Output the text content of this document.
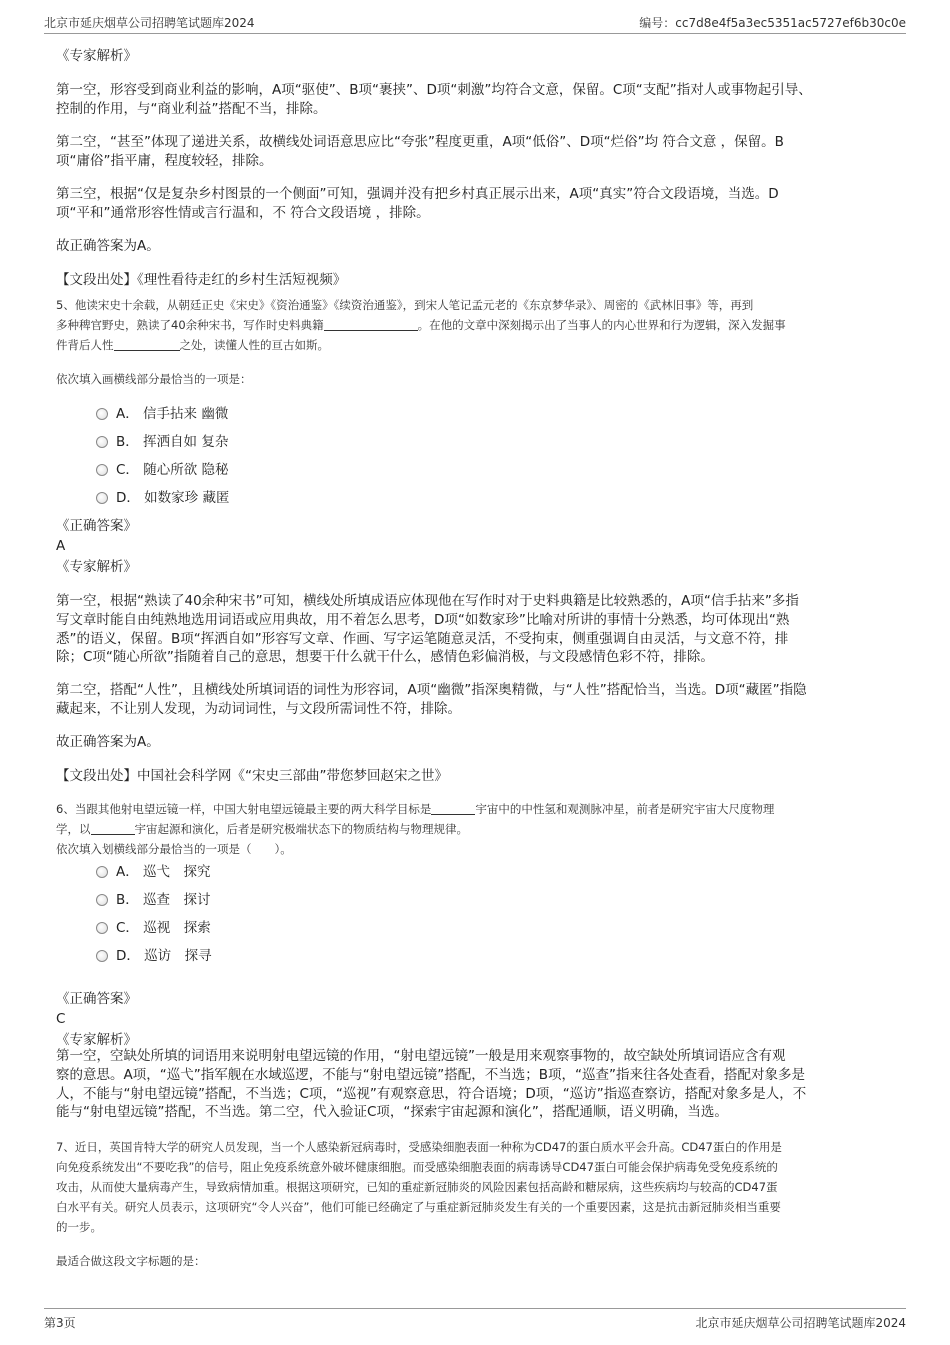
北京市延庆烟草公司招聘笔试题库2024	编号：cc7d8e4f5a3ec5351ac5727ef6b30c0e
《专家解析》
第一空，形容受到商业利益的影响，A项“驱使”、B项“裹挟”、D项“刺激”均符合文意，保留。C项“支配”指对人或事物起引导、
控制的作用，与“商业利益”搭配不当，排除。
第二空，“甚至”体现了递进关系，故横线处词语意思应比“夸张”程度更重，A项“低俗”、D项“烂俗”均 符合文意 ，保留。B
项“庸俗”指平庸，程度较轻，排除。
第三空，根据“仅是复杂乡村图景的一个侧面”可知，强调并没有把乡村真正展示出来，A项“真实”符合文段语境，当选。D
项“平和”通常形容性情或言行温和，不 符合文段语境 ，排除。
故正确答案为A。
【文段出处】《理性看待走红的乡村生活短视频》
5、他读宋史十余载，从朝廷正史《宋史》《资治通鉴》《续资治通鉴》，到宋人笔记孟元老的《东京梦华录》、周密的《武林旧事》等，再到
多种稗官野史，熟读了40余种宋书，写作时史料典籍	。在他的文章中深刻揭示出了当事人的内心世界和行为逻辑，深入发掘事
件背后人性	之处，读懂人性的亘古如斯。
依次填入画横线部分最恰当的一项是：
A． 信手拈来 幽微
B． 挥洒自如 复杂
C． 随心所欲 隐秘
D． 如数家珍 藏匿
《正确答案》
A
《专家解析》
第一空，根据“熟读了40余种宋书”可知，横线处所填成语应体现他在写作时对于史料典籍是比较熟悉的，A项“信手拈来”多指
写文章时能自由纯熟地选用词语或应用典故，用不着怎么思考，D项“如数家珍”比喻对所讲的事情十分熟悉，均可体现出“熟
悉”的语义，保留。B项“挥洒自如”形容写文章、作画、写字运笔随意灵活，不受拘束，侧重强调自由灵活，与文意不符，排
除；C项“随心所欲”指随着自己的意思，想要干什么就干什么，感情色彩偏消极，与文段感情色彩不符，排除。
第二空，搭配“人性”，且横线处所填词语的词性为形容词，A项“幽微”指深奥精微，与“人性”搭配恰当，当选。D项“藏匿”指隐
藏起来，不让别人发现，为动词词性，与文段所需词性不符，排除。
故正确答案为A。
【文段出处】中国社会科学网《“宋史三部曲”带您梦回赵宋之世》
6、当跟其他射电望远镜一样，中国大射电望远镜最主要的两大科学目标是	宇宙中的中性氢和观测脉冲星，前者是研究宇宙大尺度物理
学，以	宇宙起源和演化，后者是研究极端状态下的物质结构与物理规律。
依次填入划横线部分最恰当的一项是（　　）。
A． 巡弋　探究
B． 巡查　探讨
C． 巡视　探索
D． 巡访　探寻
《正确答案》
C
《专家解析》
第一空，空缺处所填的词语用来说明射电望远镜的作用，“射电望远镜”一般是用来观察事物的，故空缺处所填词语应含有观
察的意思。A项，“巡弋”指军舰在水域巡逻，不能与“射电望远镜”搭配，不当选；B项，“巡查”指来往各处查看，搭配对象多是
人，不能与“射电望远镜”搭配，不当选；C项，“巡视”有观察意思，符合语境；D项，“巡访”指巡查察访，搭配对象多是人，不
能与“射电望远镜”搭配，不当选。第二空，代入验证C项，“探索宇宙起源和演化”，搭配通顺，语义明确，当选。
7、近日，英国肯特大学的研究人员发现，当一个人感染新冠病毒时，受感染细胞表面一种称为CD47的蛋白质水平会升高。CD47蛋白的作用是
向免疫系统发出“不要吃我”的信号，阻止免疫系统意外破坏健康细胞。而受感染细胞表面的病毒诱导CD47蛋白可能会保护病毒免受免疫系统的
攻击，从而使大量病毒产生，导致病情加重。根据这项研究，已知的重症新冠肺炎的风险因素包括高龄和糖尿病，这些疾病均与较高的CD47蛋
白水平有关。研究人员表示，这项研究“令人兴奋”，他们可能已经确定了与重症新冠肺炎发生有关的一个重要因素，这是抗击新冠肺炎相当重要
的一步。
最适合做这段文字标题的是：
第3页	北京市延庆烟草公司招聘笔试题库2024
